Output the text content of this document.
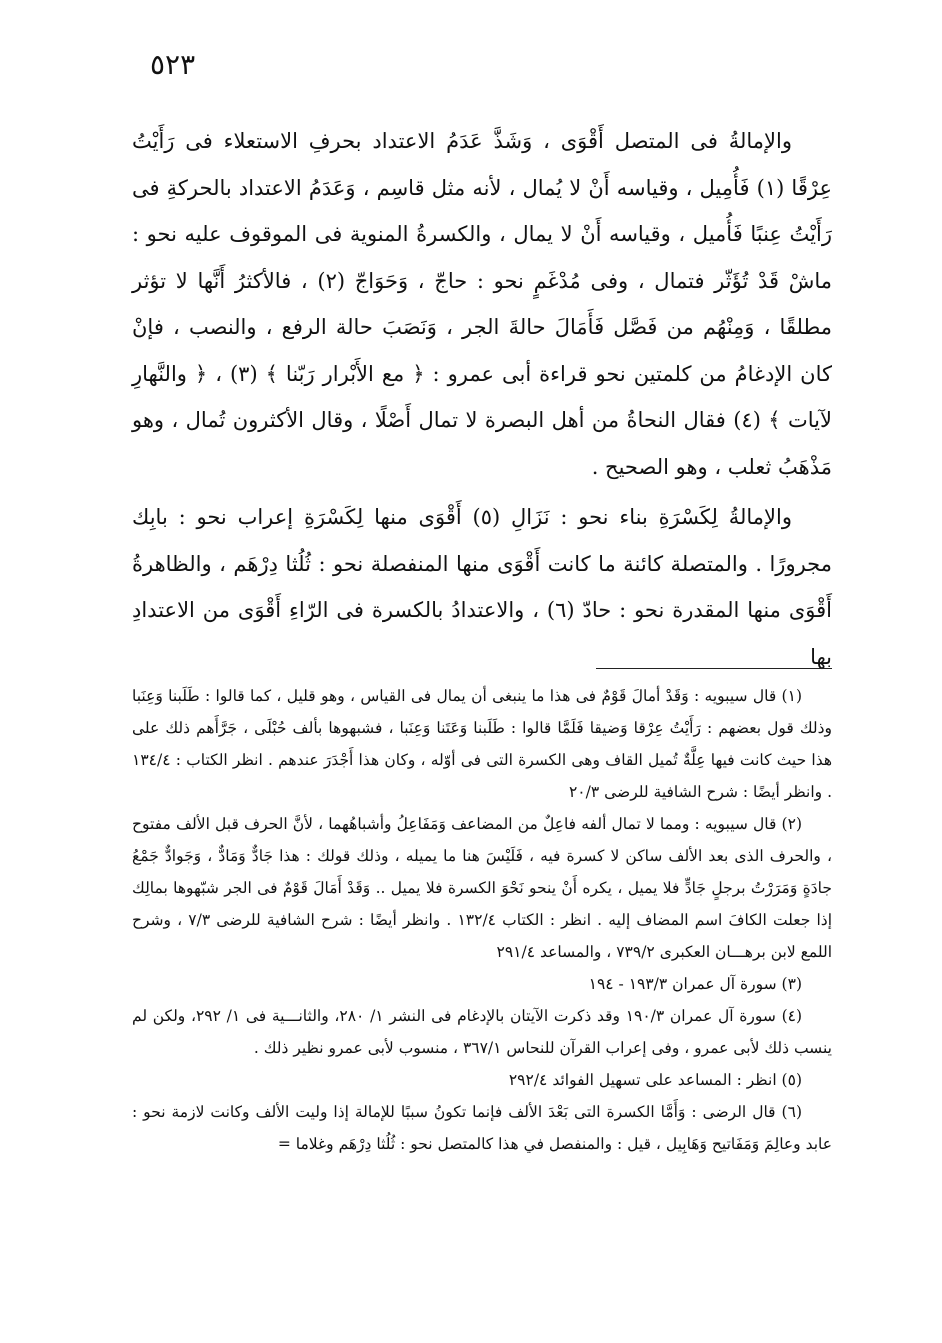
٥٢٣

والإمالةُ فى المتصل أَقْوَى ، وَشَذَّ عَدَمُ الاعتداد بحرفِ الاستعلاء فى رَأَيْتُ عِرْقًا (١) فَأُمِيل ، وقياسه أَنْ لا يُمال ، لأنه مثل قاسِم ، وَعَدَمُ الاعتداد بالحركةِ فى رَأَيْتُ عِنبًا فَأُميل ، وقياسه أَنْ لا يمال ، والكسرةُ المنوية فى الموقوف عليه نحو : ماشْ قَدْ تُؤَثّر فتمال ، وفى مُدْغَمٍ نحو : حاجّ ، وَحَوَاجّ (٢) ، فالأكثرُ أَنَّها لا تؤثر مطلقًا ، وَمِنْهُم من فَصَّل فَأَمَالَ حالةَ الجر ، وَنَصَبَ حالة الرفع ، والنصب ، فإنْ كان الإدغامُ من كلمتين نحو قراءة أبى عمرو : ﴿ مع الأَبْرار رَبّنا ﴾ (٣) ، ﴿ والنَّهارِ لآيات ﴾ (٤) فقال النحاةُ من أهل البصرة لا تمال أَصْلًا ، وقال الأكثرون تُمال ، وهو مَذْهَبُ ثعلب ، وهو الصحيح .

والإمالةُ لِكَسْرَةِ بناء نحو : نَزَالِ (٥) أَقْوَى منها لِكَسْرَةِ إعراب نحو : بابِك مجرورًا . والمتصلة كائنة ما كانت أَقْوَى منها المنفصلة نحو : ثُلُثا دِرْهَم ، والظاهرةُ أَقْوَى منها المقدرة نحو : حادّ (٦) ، والاعتدادُ بالكسرة فى الرّاءِ أَقْوَى من الاعتدادِ بها

(١) قال سيبويه : وَقَدْ أمالَ قَوْمٌ فى هذا ما ينبغى أن يمال فى القياس ، وهو قليل ، كما قالوا : طَلَبنا وَعِنَبا وذلك قول بعضهم : رَأَيْتُ عِرْقا وَضيقا فَلَمَّا قالوا : طَلَبنا وَعَتَنا وَعِنَبا ، فشبهوها بألف حُبْلَى ، جَرَّأَهم ذلك على هذا حيث كانت فيها عِلَّةٌ تُميل القاف وهى الكسرة التى فى أوّله ، وكان هذا أَجْدَرَ عندهم . انظر الكتاب : ١٣٤/٤ . وانظر أيضًا : شرح الشافية للرضى ٢٠/٣

(٢) قال سيبويه : ومما لا تمال ألفه فاعِلٌ من المضاعف وَمَفَاعِلُ وأشباهُهما ، لأنَّ الحرف قبل الألف مفتوح ، والحرف الذى بعد الألف ساكن لا كسرة فيه ، فَلَيْسَ هنا ما يميله ، وذلك قولك : هذا جَادٌّ وَمَادٌّ ، وَجَوادٌّ جَمْعُ جادَةٍ وَمَرَرْتُ برجلٍ جَادٍّ فلا يميل ، يكره أَنْ ينحو نَحْوَ الكسرة فلا يميل .. وَقَدْ أَمَالَ قَوْمٌ فى الجر شبّهوها بمالِك إذا جعلت الكافَ اسم المضاف إليه . انظر : الكتاب ١٣٢/٤ . وانظر أيضًا : شرح الشافية للرضى ٧/٣ ، وشرح اللمع لابن برهـــان العكبرى ٧٣٩/٢ ، والمساعد ٢٩١/٤

(٣) سورة آل عمران ١٩٣/٣ - ١٩٤

(٤) سورة آل عمران ١٩٠/٣ وقد ذكرت الآيتان بالإدغام فى النشر ١/ ٢٨٠، والثانـــية فى ١/ ٢٩٢، ولكن لم ينسب ذلك لأبى عمرو ، وفى إعراب القرآن للنحاس ٣٦٧/١ ، منسوب لأبى عمرو نظير ذلك .

(٥) انظر : المساعد على تسهيل الفوائد ٢٩٢/٤

(٦) قال الرضى : وَأَمَّا الكسرة التى بَعْدَ الألف فإنما تكونُ سببًا للإمالة إذا وليت الألف وكانت لازمة نحو : عابد وعالِمَ وَمَفَاتيح وَهَابِيل ، قيل : والمنفصل في هذا كالمتصل نحو : ثُلُثا دِرْهَم وغلاما =
